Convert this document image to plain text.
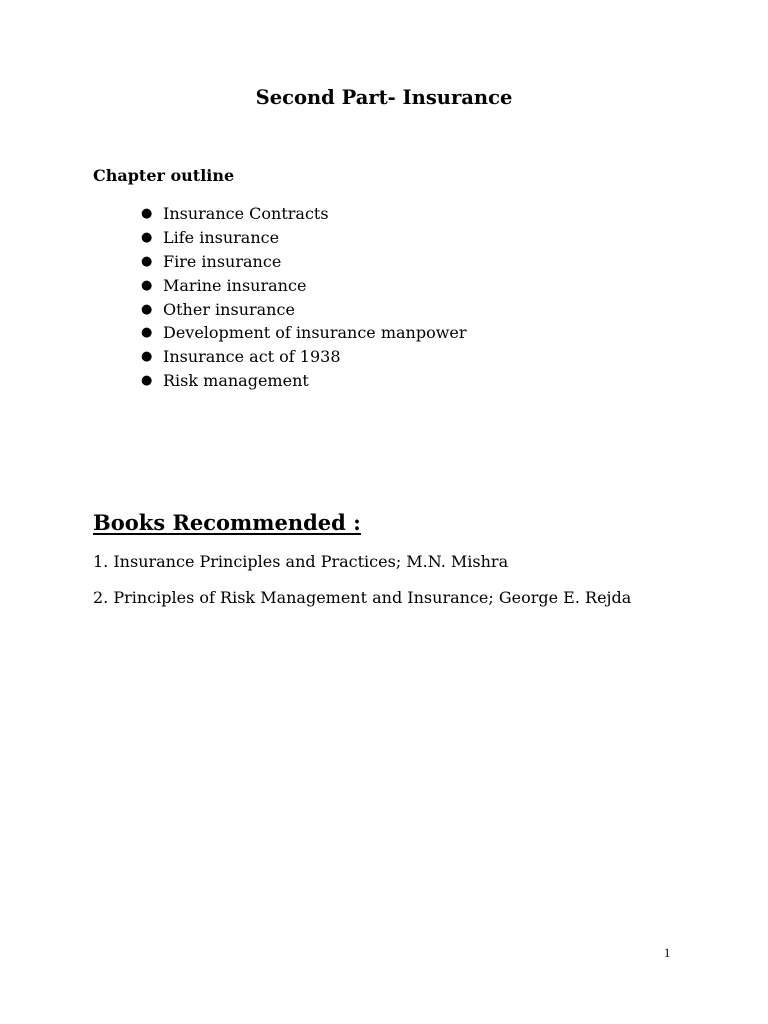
Second Part- Insurance
Chapter outline
● Insurance Contracts
● Life insurance
● Fire insurance
● Marine insurance
● Other insurance
● Development of insurance manpower
● Insurance act of 1938
● Risk management
Books Recommended :

1. Insurance Principles and Practices; M.N. Mishra

2. Principles of Risk Management and Insurance; George E. Rejda

1
